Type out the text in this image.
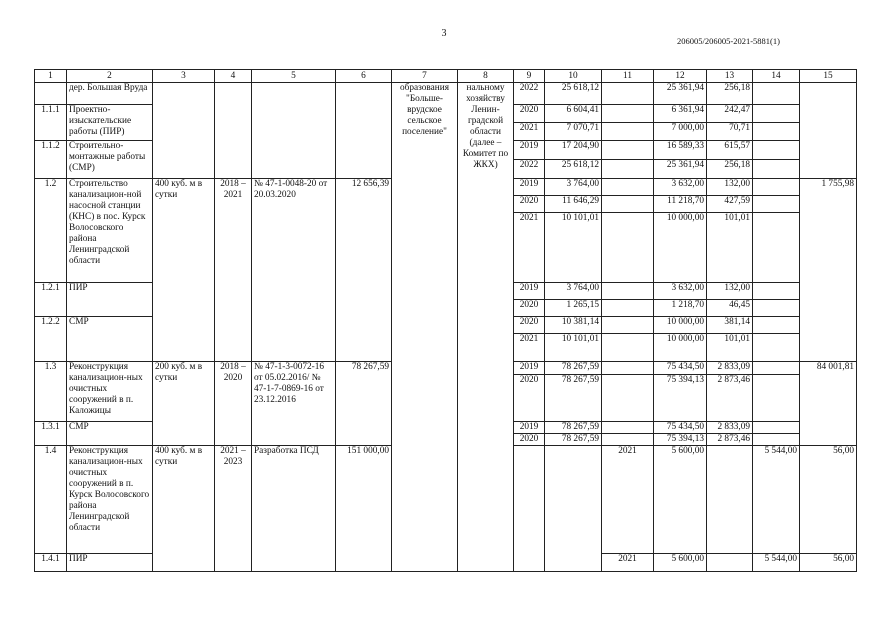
3
206005/206005-2021-5881(1)
1	2	3	4	5	6	7	8	9	10	11	12	13	14	15	
	дер. Большая Вруда					образования "Больше-врудское сельское поселение"	нальному хозяйству Ленин-градской области (далее – Комитет по ЖКХ)	2022	25 618,12		25 361,94	256,18			
1.1.1	Проектно-изыскательские работы (ПИР)							2020	6 604,41		6 361,94	242,47			
								2021	7 070,71		7 000,00	70,71			
1.1.2	Строительно-монтажные работы (СМР)							2019	17 204,90		16 589,33	615,57			
								2022	25 618,12		25 361,94	256,18			
1.2	Строительство канализацион-ной насосной станции (КНС) в пос. Курск Волосовского района Ленинградской области	400 куб. м в сутки	2018 – 2021	№ 47-1-0048-20 от 20.03.2020	12 656,39			2019	3 764,00		3 632,00	132,00		1 755,98	
								2020	11 646,29		11 218,70	427,59			
								2021	10 101,01		10 000,00	101,01			
1.2.1	ПИР							2019	3 764,00		3 632,00	132,00			
								2020	1 265,15		1 218,70	46,45			
1.2.2	СМР							2020	10 381,14		10 000,00	381,14			
								2021	10 101,01		10 000,00	101,01			
1.3	Реконструкция канализацион-ных очистных сооружений в п. Каложицы	200 куб. м в сутки	2018 – 2020	№ 47-1-3-0072-16 от 05.02.2016/ № 47-1-7-0869-16 от 23.12.2016	78 267,59			2019	78 267,59		75 434,50	2 833,09		84 001,81	
								2020	78 267,59		75 394,13	2 873,46			
1.3.1	СМР							2019	78 267,59		75 434,50	2 833,09			
								2020	78 267,59		75 394,13	2 873,46			
1.4	Реконструкция канализацион-ных очистных сооружений в п. Курск Волосовского района Ленинградской области	400 куб. м в сутки	2021 – 2023	Разработка ПСД	151 000,00					2021	5 600,00		5 544,00	56,00		
1.4.1	ПИР									2021	5 600,00		5 544,00	56,00	
